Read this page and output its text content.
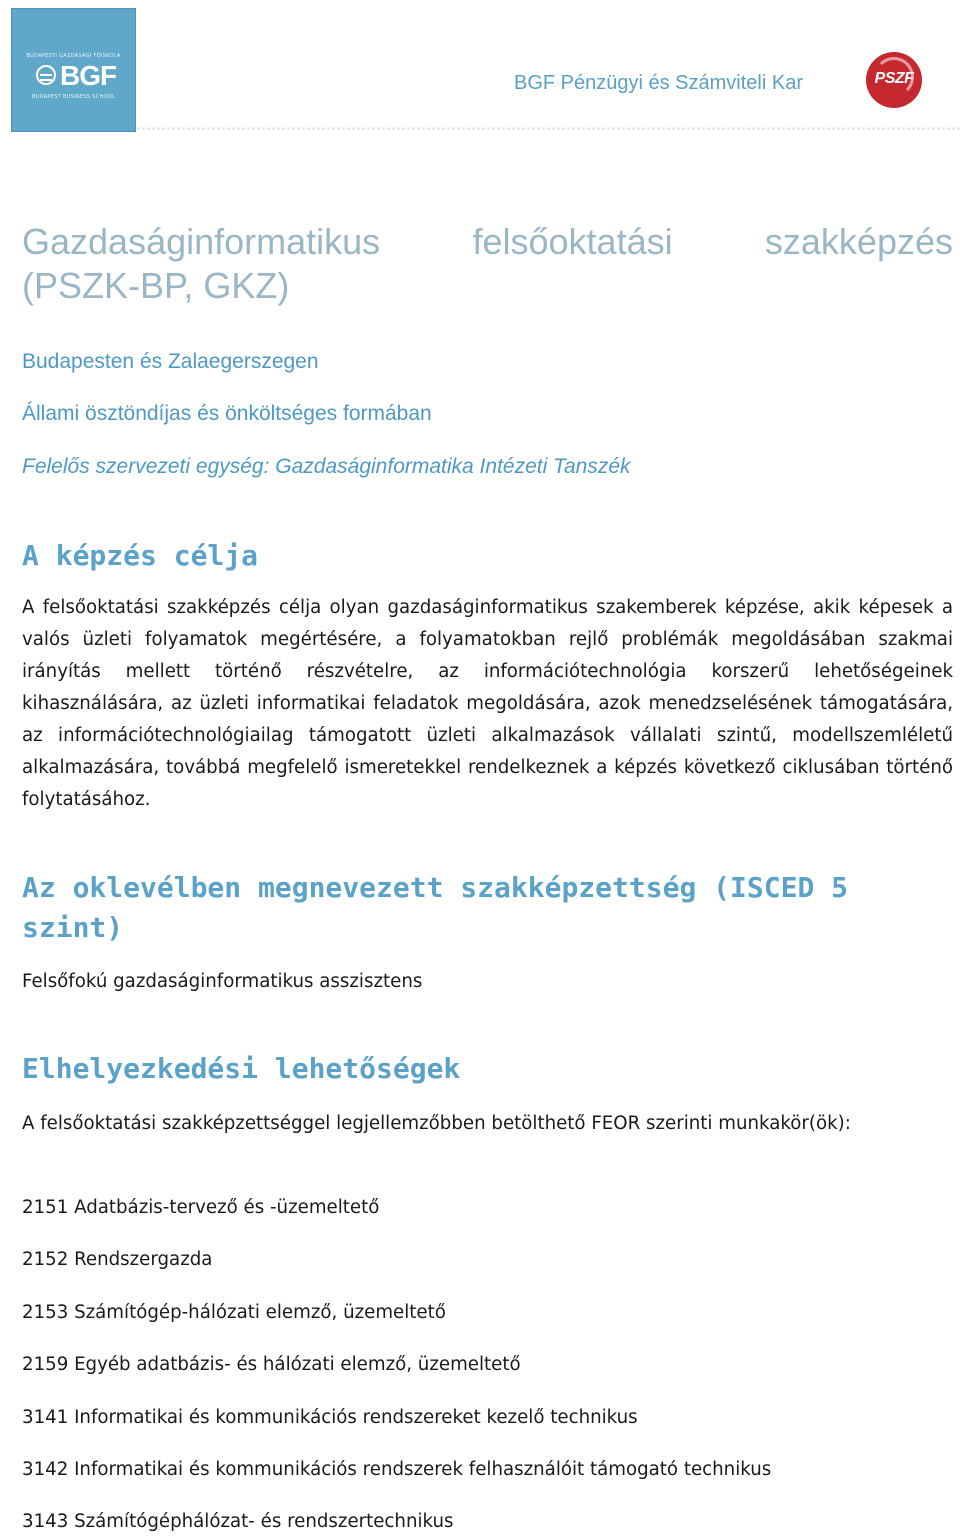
BUDAPESTI GAZDASÁGI FŐISKOLA
BGF
BUDAPEST BUSINESS SCHOOL
BGF Pénzügyi és Számviteli Kar	PSZF
Gazdaságinformatikus	felsőoktatási	szakképzés
(PSZK-BP, GKZ)
Budapesten és Zalaegerszegen
Állami ösztöndíjas és önköltséges formában
Felelős szervezeti egység: Gazdaságinformatika Intézeti Tanszék
A képzés célja
A felsőoktatási szakképzés célja olyan gazdaságinformatikus szakemberek képzése, akik képesek a valós üzleti folyamatok megértésére, a folyamatokban rejlő problémák megoldásában szakmai irányítás mellett történő részvételre, az információtechnológia korszerű lehetőségeinek kihasználására, az üzleti informatikai feladatok megoldására, azok menedzselésének támogatására, az információtechnológiailag támogatott üzleti alkalmazások vállalati szintű, modellszemléletű alkalmazására, továbbá megfelelő ismeretekkel rendelkeznek a képzés következő ciklusában történő folytatásához.
Az oklevélben megnevezett szakképzettség (ISCED 5 szint)
Felsőfokú gazdaságinformatikus asszisztens
Elhelyezkedési lehetőségek
A felsőoktatási szakképzettséggel legjellemzőbben betölthető FEOR szerinti munkakör(ök):
2151 Adatbázis-tervező és -üzemeltető
2152 Rendszergazda
2153 Számítógép-hálózati elemző, üzemeltető
2159 Egyéb adatbázis- és hálózati elemző, üzemeltető
3141 Informatikai és kommunikációs rendszereket kezelő technikus
3142 Informatikai és kommunikációs rendszerek felhasználóit támogató technikus
3143 Számítógéphálózat- és rendszertechnikus
